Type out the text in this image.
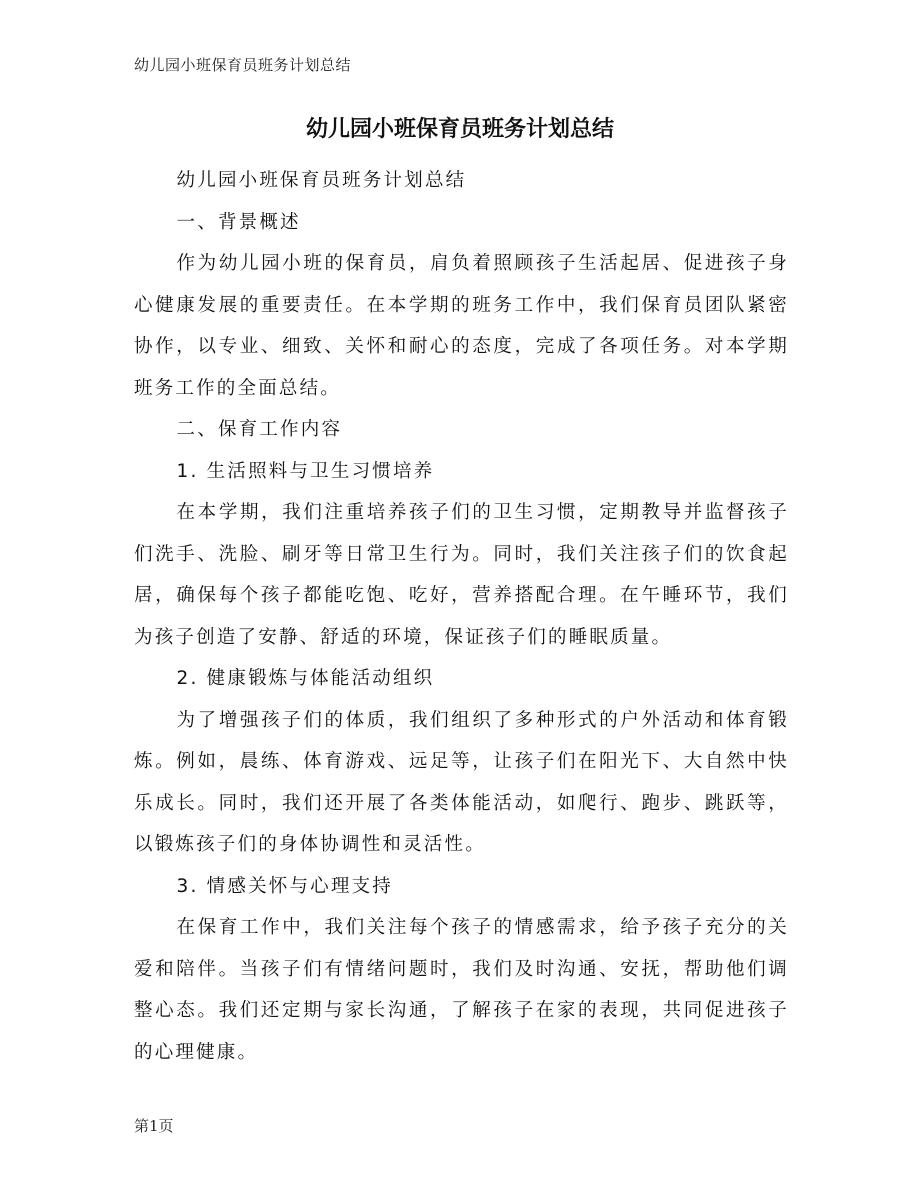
幼儿园小班保育员班务计划总结
幼儿园小班保育员班务计划总结

幼儿园小班保育员班务计划总结

一、背景概述

作为幼儿园小班的保育员，肩负着照顾孩子生活起居、促进孩子身心健康发展的重要责任。在本学期的班务工作中，我们保育员团队紧密协作，以专业、细致、关怀和耐心的态度，完成了各项任务。对本学期班务工作的全面总结。

二、保育工作内容

1. 生活照料与卫生习惯培养

在本学期，我们注重培养孩子们的卫生习惯，定期教导并监督孩子们洗手、洗脸、刷牙等日常卫生行为。同时，我们关注孩子们的饮食起居，确保每个孩子都能吃饱、吃好，营养搭配合理。在午睡环节，我们为孩子创造了安静、舒适的环境，保证孩子们的睡眠质量。

2. 健康锻炼与体能活动组织

为了增强孩子们的体质，我们组织了多种形式的户外活动和体育锻炼。例如，晨练、体育游戏、远足等，让孩子们在阳光下、大自然中快乐成长。同时，我们还开展了各类体能活动，如爬行、跑步、跳跃等，以锻炼孩子们的身体协调性和灵活性。

3. 情感关怀与心理支持

在保育工作中，我们关注每个孩子的情感需求，给予孩子充分的关爱和陪伴。当孩子们有情绪问题时，我们及时沟通、安抚，帮助他们调整心态。我们还定期与家长沟通，了解孩子在家的表现，共同促进孩子的心理健康。

第1页
